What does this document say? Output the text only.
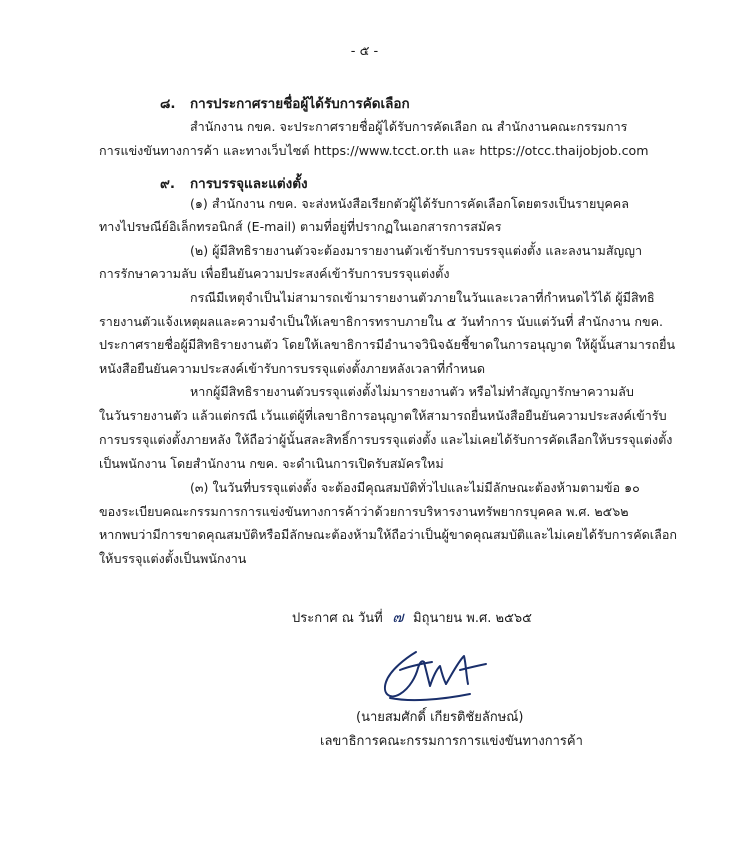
- ๕ -
๘. การประกาศรายชื่อผู้ได้รับการคัดเลือก
สำนักงาน กขค. จะประกาศรายชื่อผู้ได้รับการคัดเลือก ณ สำนักงานคณะกรรมการ
การแข่งขันทางการค้า และทางเว็บไซต์ https://www.tcct.or.th และ https://otcc.thaijobjob.com
๙. การบรรจุและแต่งตั้ง
(๑) สำนักงาน กขค. จะส่งหนังสือเรียกตัวผู้ได้รับการคัดเลือกโดยตรงเป็นรายบุคคล
ทางไปรษณีย์อิเล็กทรอนิกส์ (E-mail) ตามที่อยู่ที่ปรากฏในเอกสารการสมัคร
(๒) ผู้มีสิทธิรายงานตัวจะต้องมารายงานตัวเข้ารับการบรรจุแต่งตั้ง และลงนามสัญญา
การรักษาความลับ เพื่อยืนยันความประสงค์เข้ารับการบรรจุแต่งตั้ง
กรณีมีเหตุจำเป็นไม่สามารถเข้ามารายงานตัวภายในวันและเวลาที่กำหนดไว้ได้ ผู้มีสิทธิ
รายงานตัวแจ้งเหตุผลและความจำเป็นให้เลขาธิการทราบภายใน ๕ วันทำการ นับแต่วันที่ สำนักงาน กขค.
ประกาศรายชื่อผู้มีสิทธิรายงานตัว โดยให้เลขาธิการมีอำนาจวินิจฉัยชี้ขาดในการอนุญาต ให้ผู้นั้นสามารถยื่น
หนังสือยืนยันความประสงค์เข้ารับการบรรจุแต่งตั้งภายหลังเวลาที่กำหนด
หากผู้มีสิทธิรายงานตัวบรรจุแต่งตั้งไม่มารายงานตัว หรือไม่ทำสัญญารักษาความลับ
ในวันรายงานตัว แล้วแต่กรณี เว้นแต่ผู้ที่เลขาธิการอนุญาตให้สามารถยื่นหนังสือยืนยันความประสงค์เข้ารับ
การบรรจุแต่งตั้งภายหลัง ให้ถือว่าผู้นั้นสละสิทธิ์การบรรจุแต่งตั้ง และไม่เคยได้รับการคัดเลือกให้บรรจุแต่งตั้ง
เป็นพนักงาน โดยสำนักงาน กขค. จะดำเนินการเปิดรับสมัครใหม่
(๓) ในวันที่บรรจุแต่งตั้ง จะต้องมีคุณสมบัติทั่วไปและไม่มีลักษณะต้องห้ามตามข้อ ๑๐
ของระเบียบคณะกรรมการการแข่งขันทางการค้าว่าด้วยการบริหารงานทรัพยากรบุคคล พ.ศ. ๒๕๖๒
หากพบว่ามีการขาดคุณสมบัติหรือมีลักษณะต้องห้ามให้ถือว่าเป็นผู้ขาดคุณสมบัติและไม่เคยได้รับการคัดเลือก
ให้บรรจุแต่งตั้งเป็นพนักงาน
ประกาศ ณ วันที่ ๗ มิถุนายน พ.ศ. ๒๕๖๕
(นายสมศักดิ์ เกียรติชัยลักษณ์)
เลขาธิการคณะกรรมการการแข่งขันทางการค้า
